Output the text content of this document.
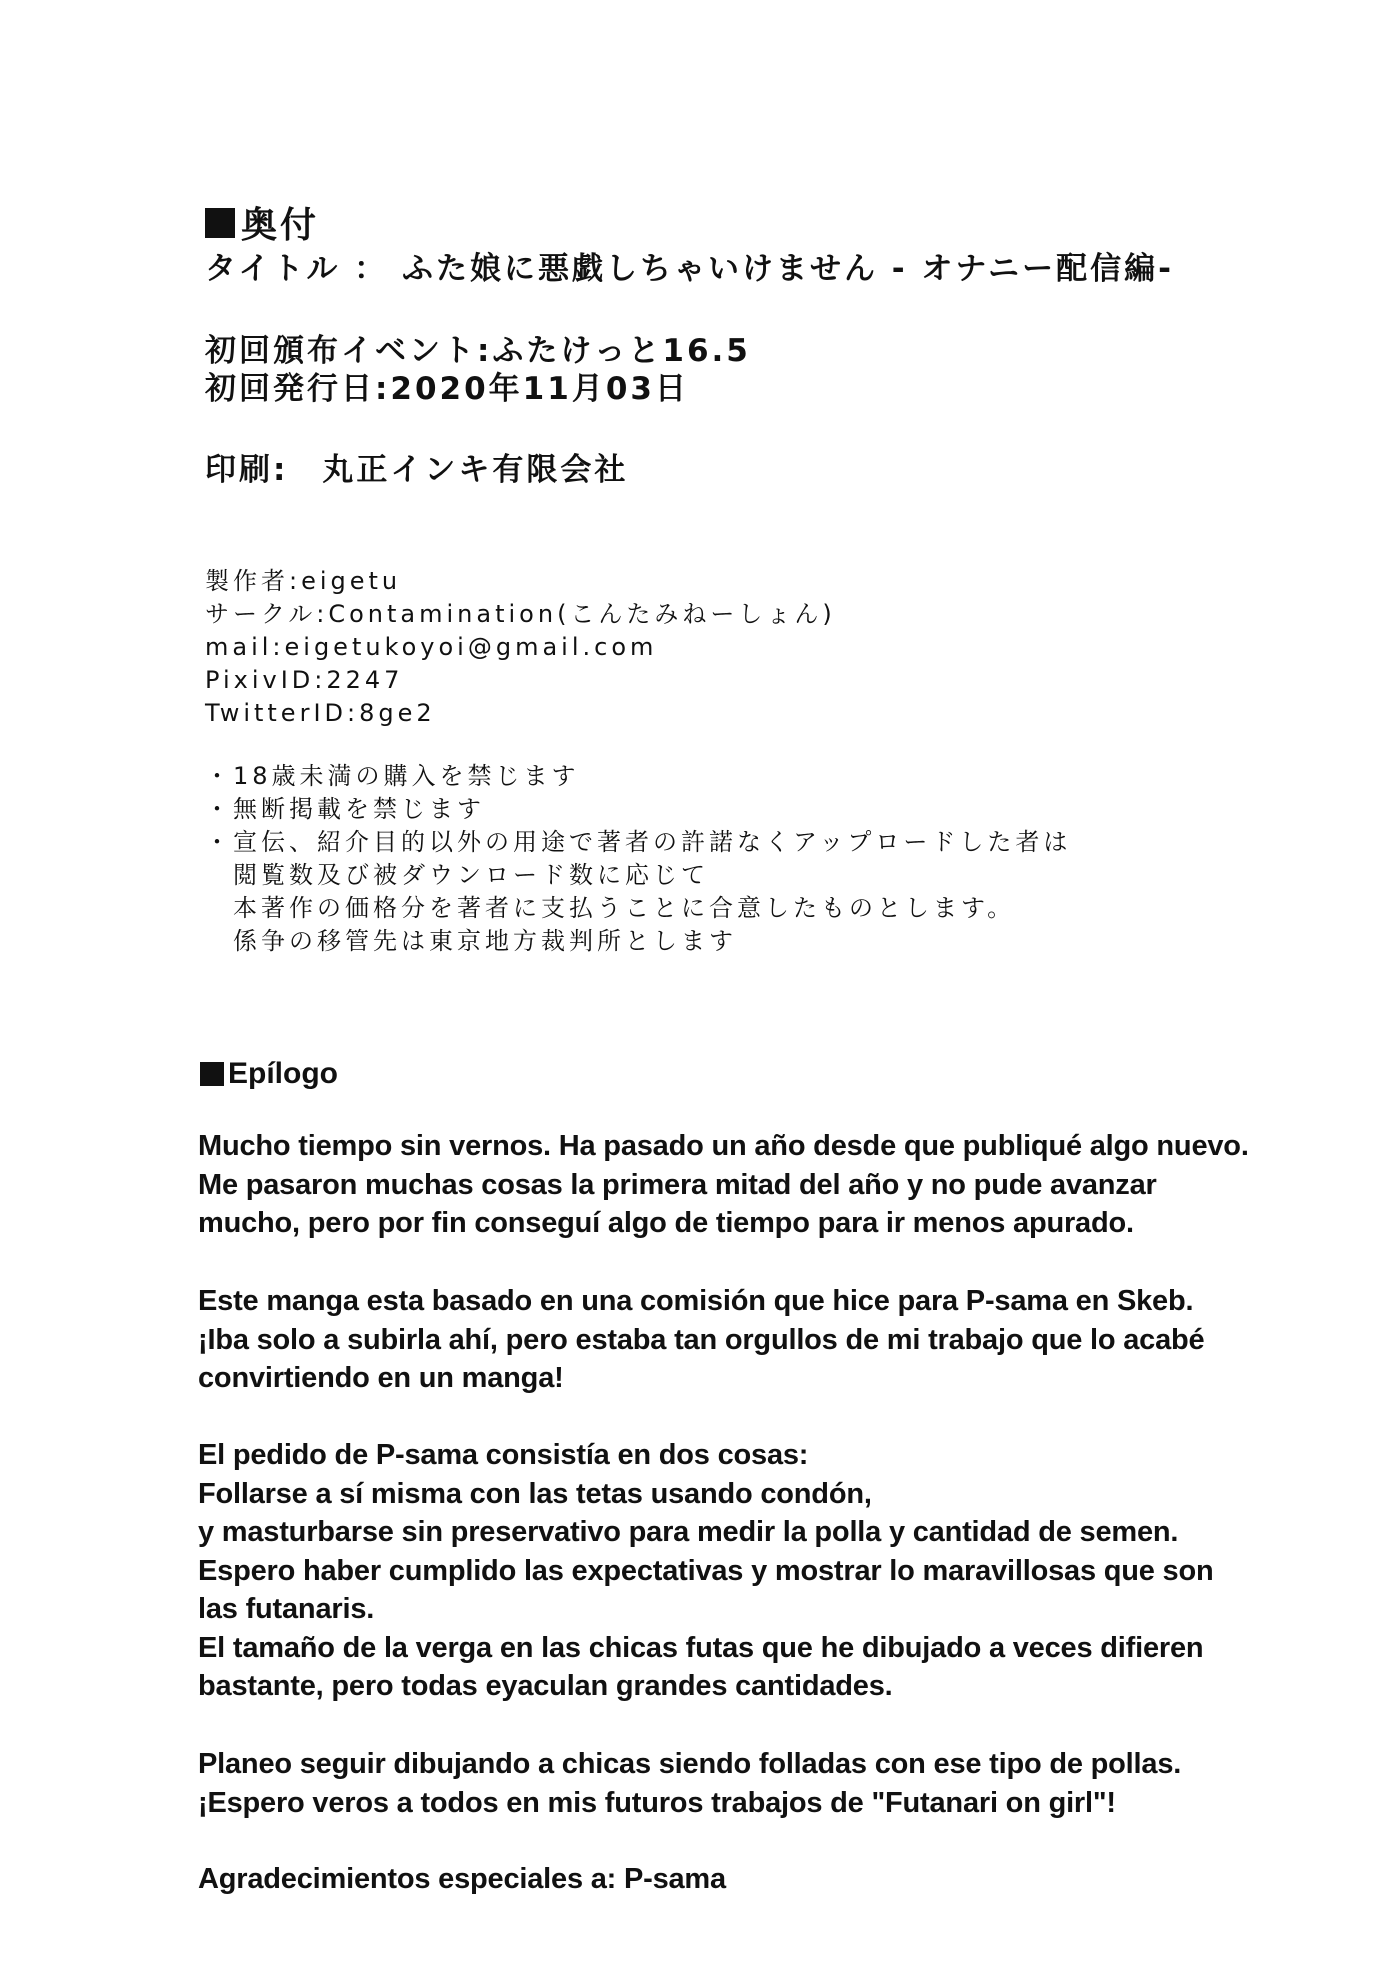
奥付
タイトル ： ふた娘に悪戯しちゃいけません - オナニー配信編-
初回頒布イベント:ふたけっと16.5
初回発行日:2020年11月03日
印刷:　丸正インキ有限会社
製作者:eigetu
サークル:Contamination(こんたみねーしょん)
mail:eigetukoyoi@gmail.com
PixivID:2247
TwitterID:8ge2
・18歳未満の購入を禁じます
・無断掲載を禁じます
・宣伝、紹介目的以外の用途で著者の許諾なくアップロードした者は
　閲覧数及び被ダウンロード数に応じて
　本著作の価格分を著者に支払うことに合意したものとします。
　係争の移管先は東京地方裁判所とします
Epílogo
Mucho tiempo sin vernos. Ha pasado un año desde que publiqué algo nuevo.
Me pasaron muchas cosas la primera mitad del año y no pude avanzar
mucho, pero por fin conseguí algo de tiempo para ir menos apurado.
Este manga esta basado en una comisión que hice para P-sama en Skeb.
¡Iba solo a subirla ahí, pero estaba tan orgullos de mi trabajo que lo acabé
convirtiendo en un manga!
El pedido de P-sama consistía en dos cosas:
Follarse a sí misma con las tetas usando condón,
y masturbarse sin preservativo para medir la polla y cantidad de semen.
Espero haber cumplido las expectativas y mostrar lo maravillosas que son
las futanaris.
El tamaño de la verga en las chicas futas que he dibujado a veces difieren
bastante, pero todas eyaculan grandes cantidades.
Planeo seguir dibujando a chicas siendo folladas con ese tipo de pollas.
¡Espero veros a todos en mis futuros trabajos de "Futanari on girl"!
Agradecimientos especiales a: P-sama
